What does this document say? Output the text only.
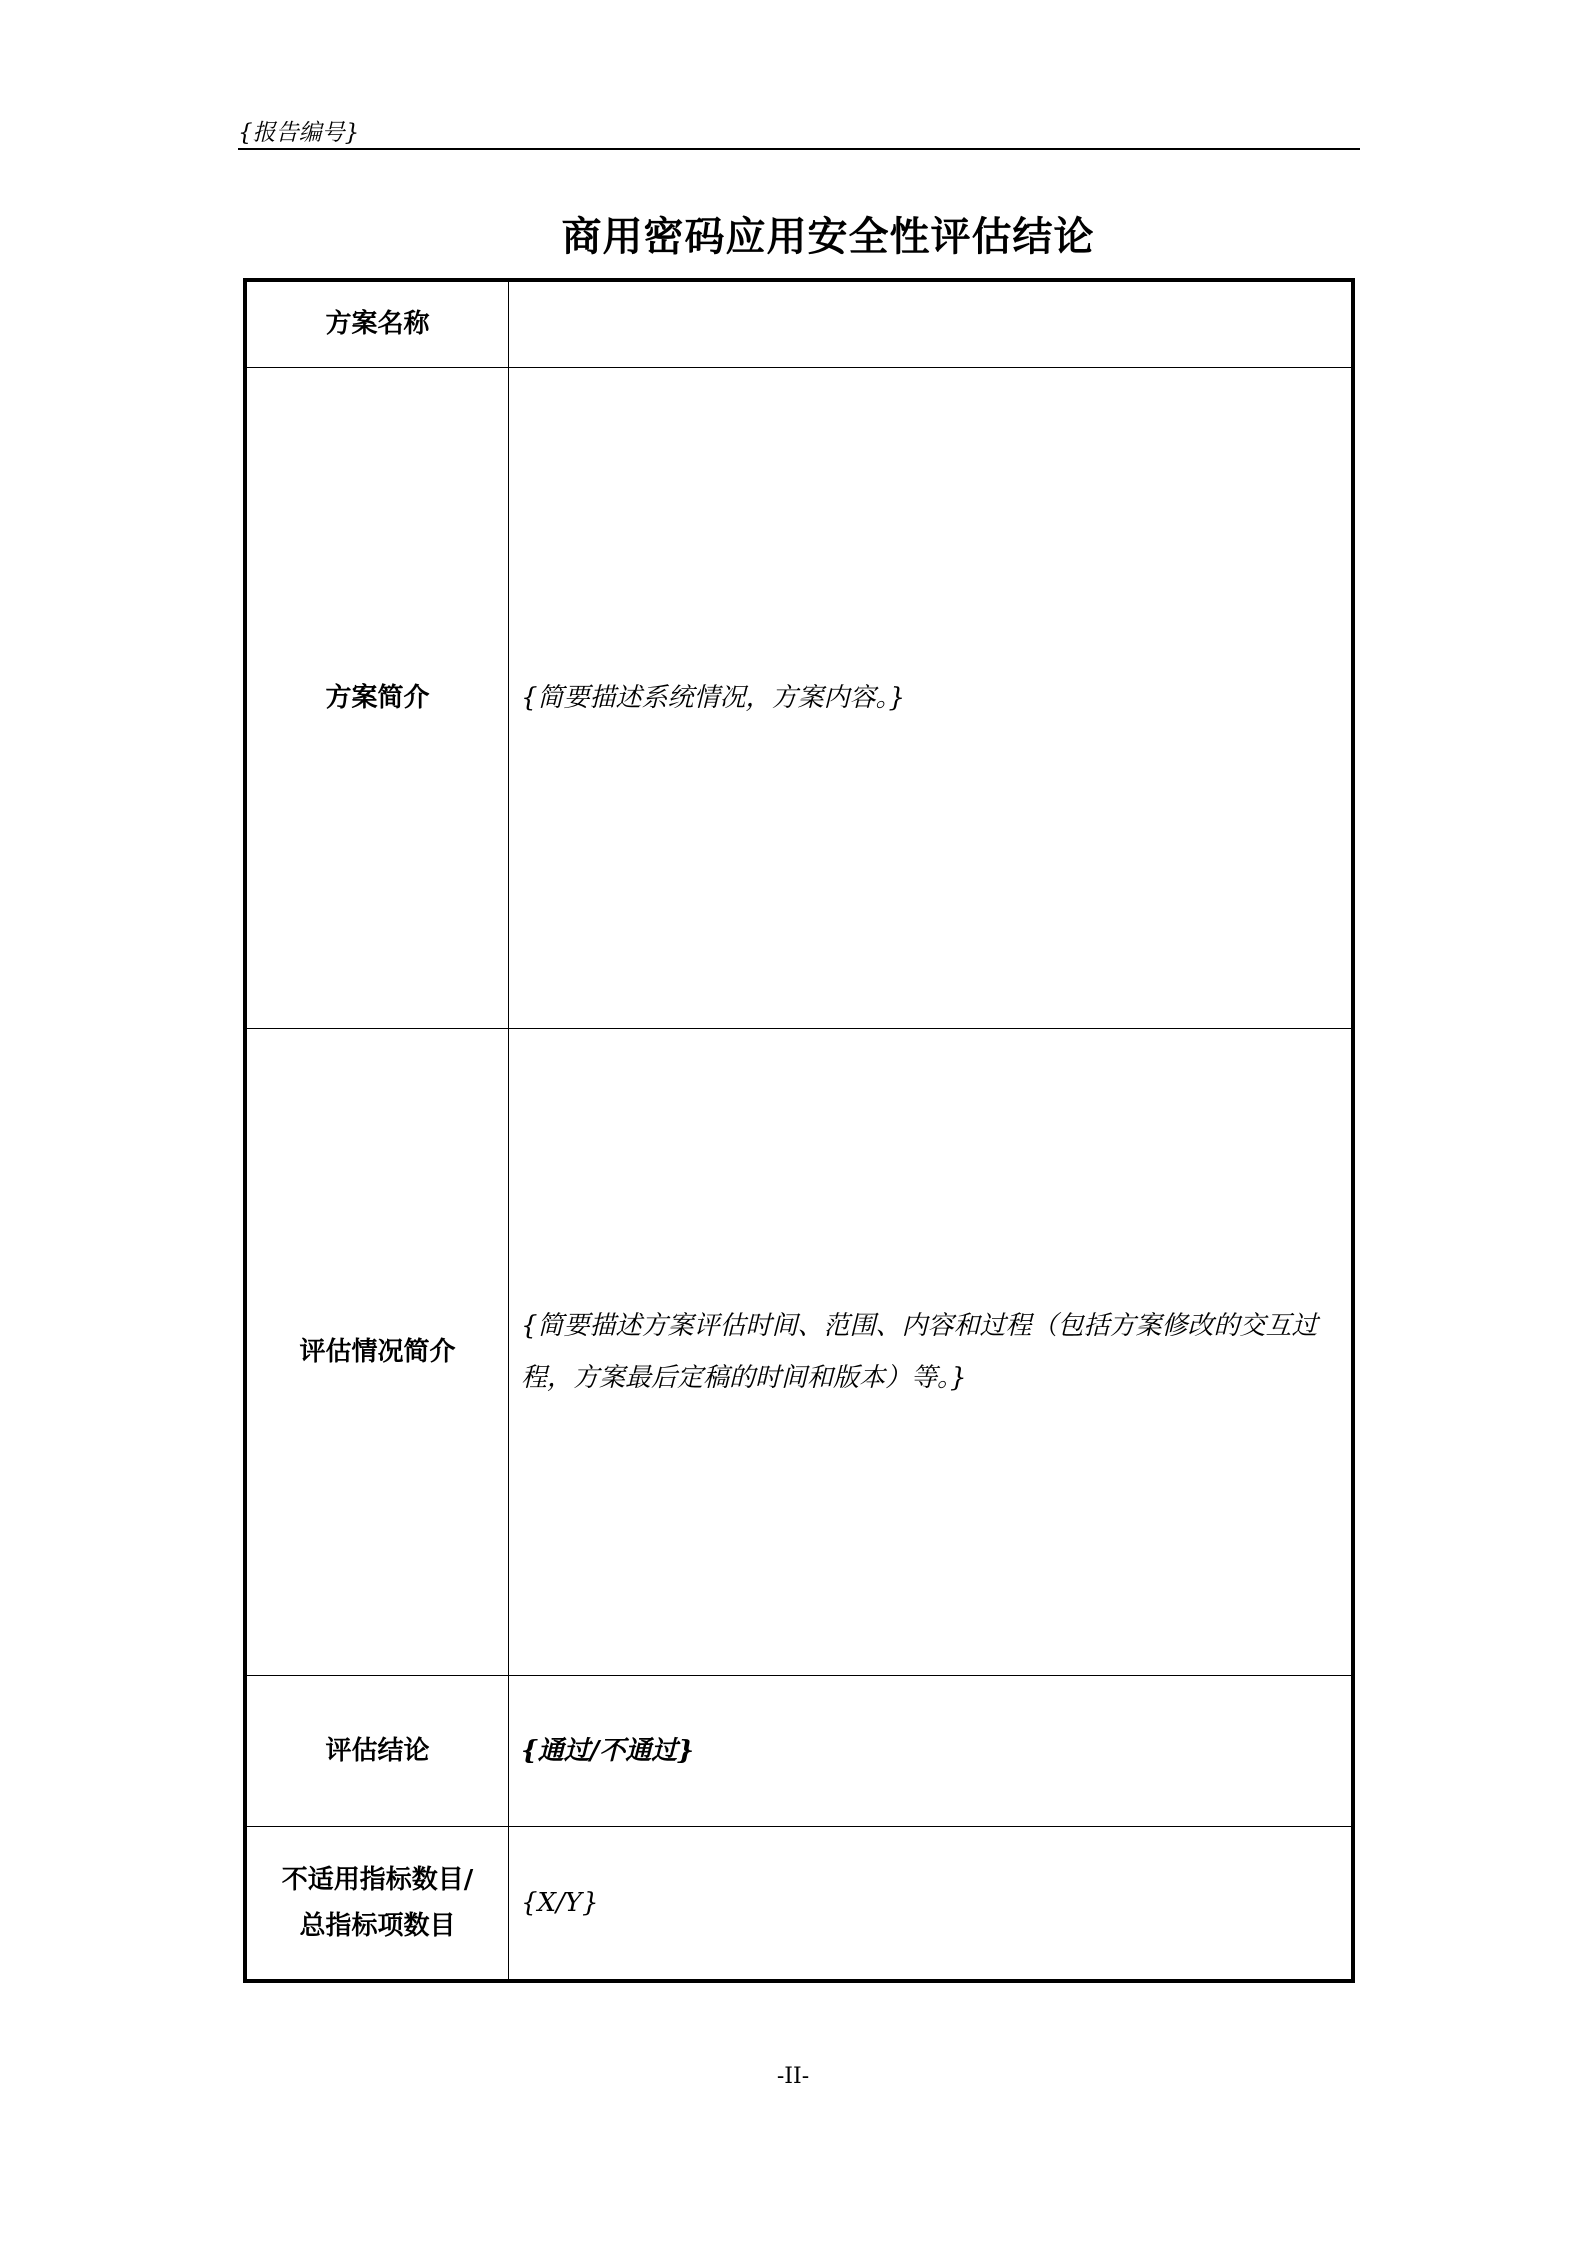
{报告编号}
商用密码应用安全性评估结论
方案名称	
方案简介	{简要描述系统情况，方案内容。}
评估情况简介	{简要描述方案评估时间、范围、内容和过程（包括方案修改的交互过程，方案最后定稿的时间和版本）等。}
评估结论	{通过/不通过}
不适用指标数目/总指标项数目	{X/Y}
-II-
